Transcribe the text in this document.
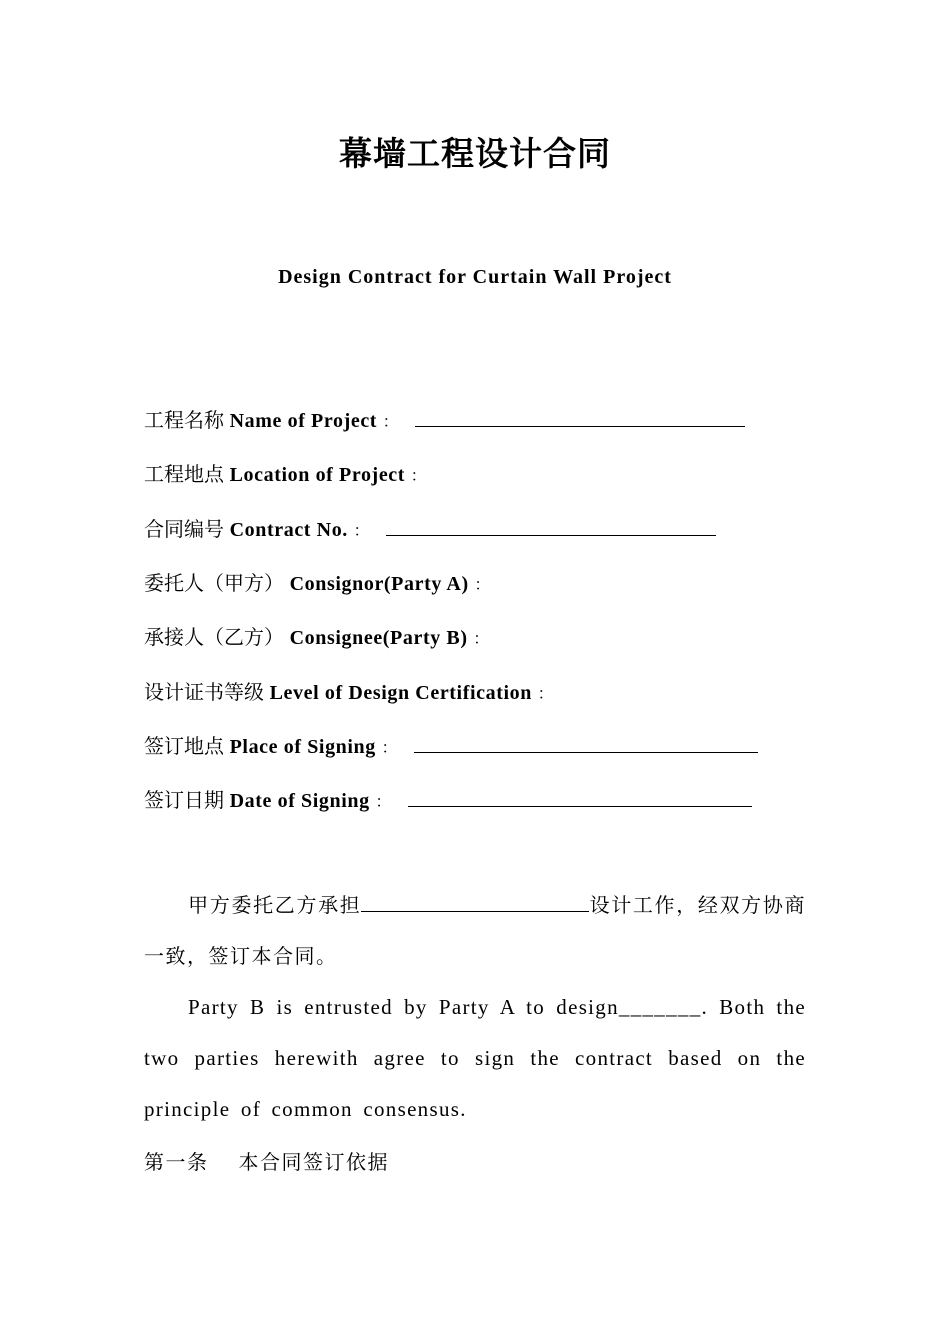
幕墙工程设计合同
Design Contract for Curtain Wall Project
工程名称 Name of Project ：
工程地点 Location of Project ：
合同编号 Contract No. ：
委托人（甲方） Consignor(Party A) ：
承接人（乙方） Consignee(Party B) ：
设计证书等级 Level of Design Certification ：
签订地点 Place of Signing ：
签订日期 Date of Signing ：
甲方委托乙方承担	设计工作，经双方协商一致，签订本合同。
Party B is entrusted by Party A to design_______. Both the two parties herewith agree to sign the contract based on the principle of common consensus.
第一条 本合同签订依据
